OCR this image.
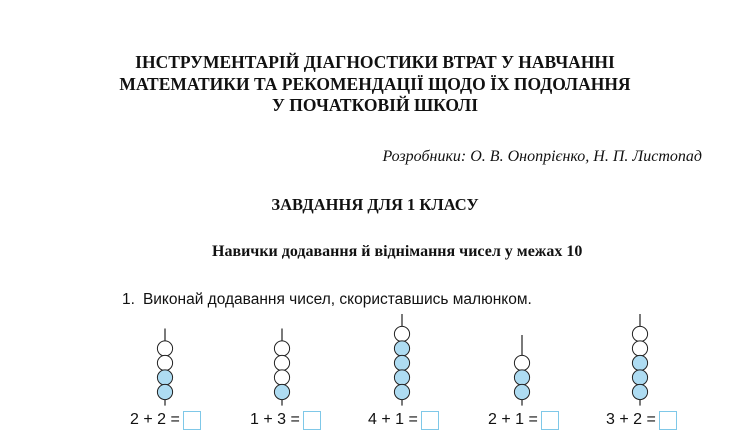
ІНСТРУМЕНТАРІЙ ДІАГНОСТИКИ ВТРАТ У НАВЧАННІ
МАТЕМАТИКИ ТА РЕКОМЕНДАЦІЇ ЩОДО ЇХ ПОДОЛАННЯ
У ПОЧАТКОВІЙ ШКОЛІ
Розробники: О. В. Онопрієнко, Н. П. Листопад
ЗАВДАННЯ ДЛЯ 1 КЛАСУ
Навички додавання й віднімання чисел у межах 10
1. Виконай додавання чисел, скориставшись малюнком.
2 + 2 =	1 + 3 =	4 + 1 =	2 + 1 =	3 + 2 =
